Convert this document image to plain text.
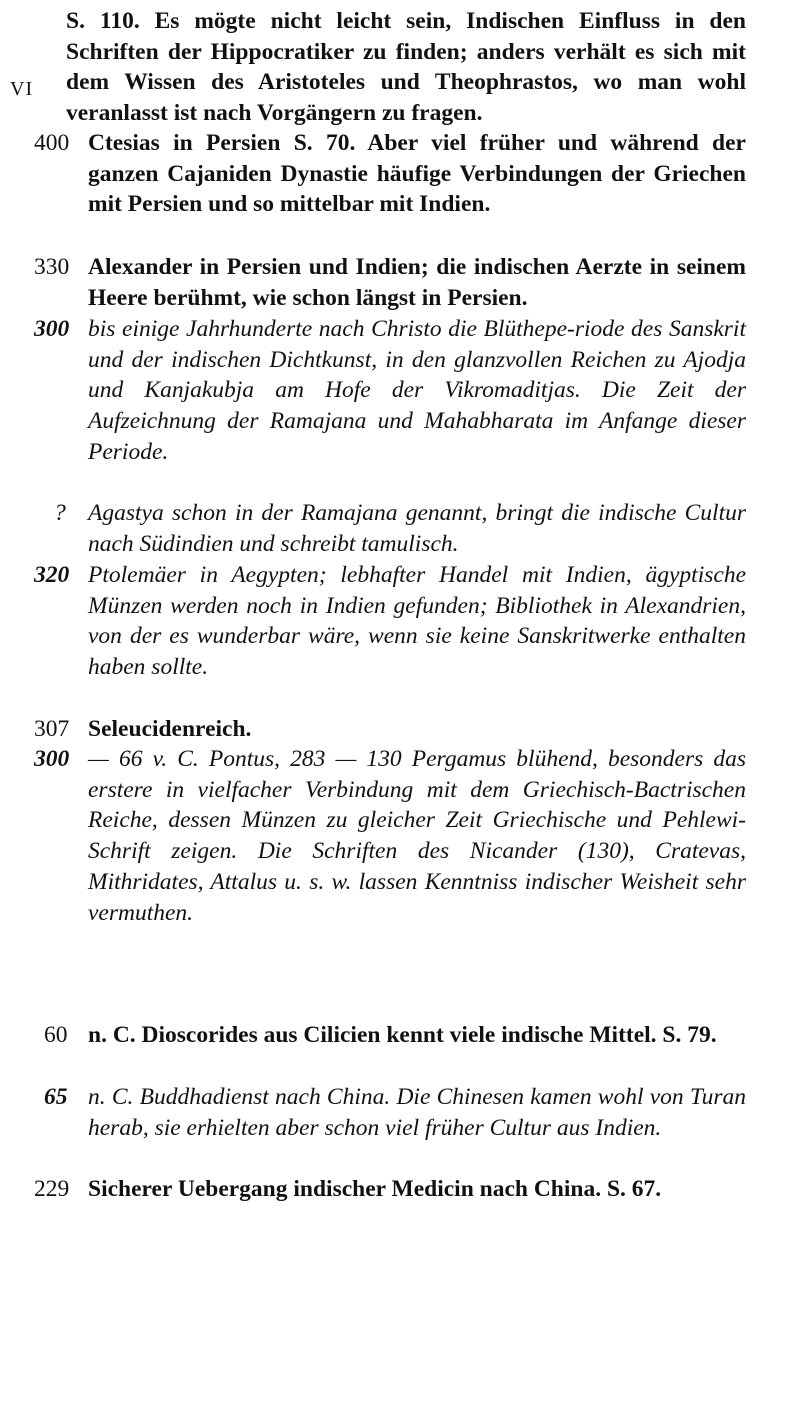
VI
S. 110. Es mögte nicht leicht sein, Indischen Einfluss in den Schriften der Hippocratiker zu finden; anders verhält es sich mit dem Wissen des Aristoteles und Theophrastos, wo man wohl veranlasst ist nach Vorgängern zu fragen.
400 Ctesias in Persien S. 70. Aber viel früher und während der ganzen Cajaniden Dynastie häufige Verbindungen der Griechen mit Persien und so mittelbar mit Indien.
330 Alexander in Persien und Indien; die indischen Aerzte in seinem Heere berühmt, wie schon längst in Persien.
300 bis einige Jahrhunderte nach Christo die Blüthepe-riode des Sanskrit und der indischen Dichtkunst, in den glanzvollen Reichen zu Ajodja und Kanjakubja am Hofe der Vikromaditjas. Die Zeit der Aufzeichnung der Ramajana und Mahabharata im Anfange dieser Periode.
? Agastya schon in der Ramajana genannt, bringt die indische Cultur nach Südindien und schreibt tamulisch.
320 Ptolemäer in Aegypten; lebhafter Handel mit Indien, ägyptische Münzen werden noch in Indien gefunden; Bibliothek in Alexandrien, von der es wunderbar wäre, wenn sie keine Sanskritwerke enthalten haben sollte.
307 Seleucidenreich.
300 — 66 v. C. Pontus, 283 — 130 Pergamus blühend, besonders das erstere in vielfacher Verbindung mit dem Griechisch-Bactrischen Reiche, dessen Münzen zu gleicher Zeit Griechische und Pehlewi-Schrift zeigen. Die Schriften des Nicander (130), Cratevas, Mithridates, Attalus u. s. w. lassen Kenntniss indischer Weisheit sehr vermuthen.
60 n. C. Dioscorides aus Cilicien kennt viele indische Mittel. S. 79.
65 n. C. Buddhadienst nach China. Die Chinesen kamen wohl von Turan herab, sie erhielten aber schon viel früher Cultur aus Indien.
229 Sicherer Uebergang indischer Medicin nach China. S. 67.
